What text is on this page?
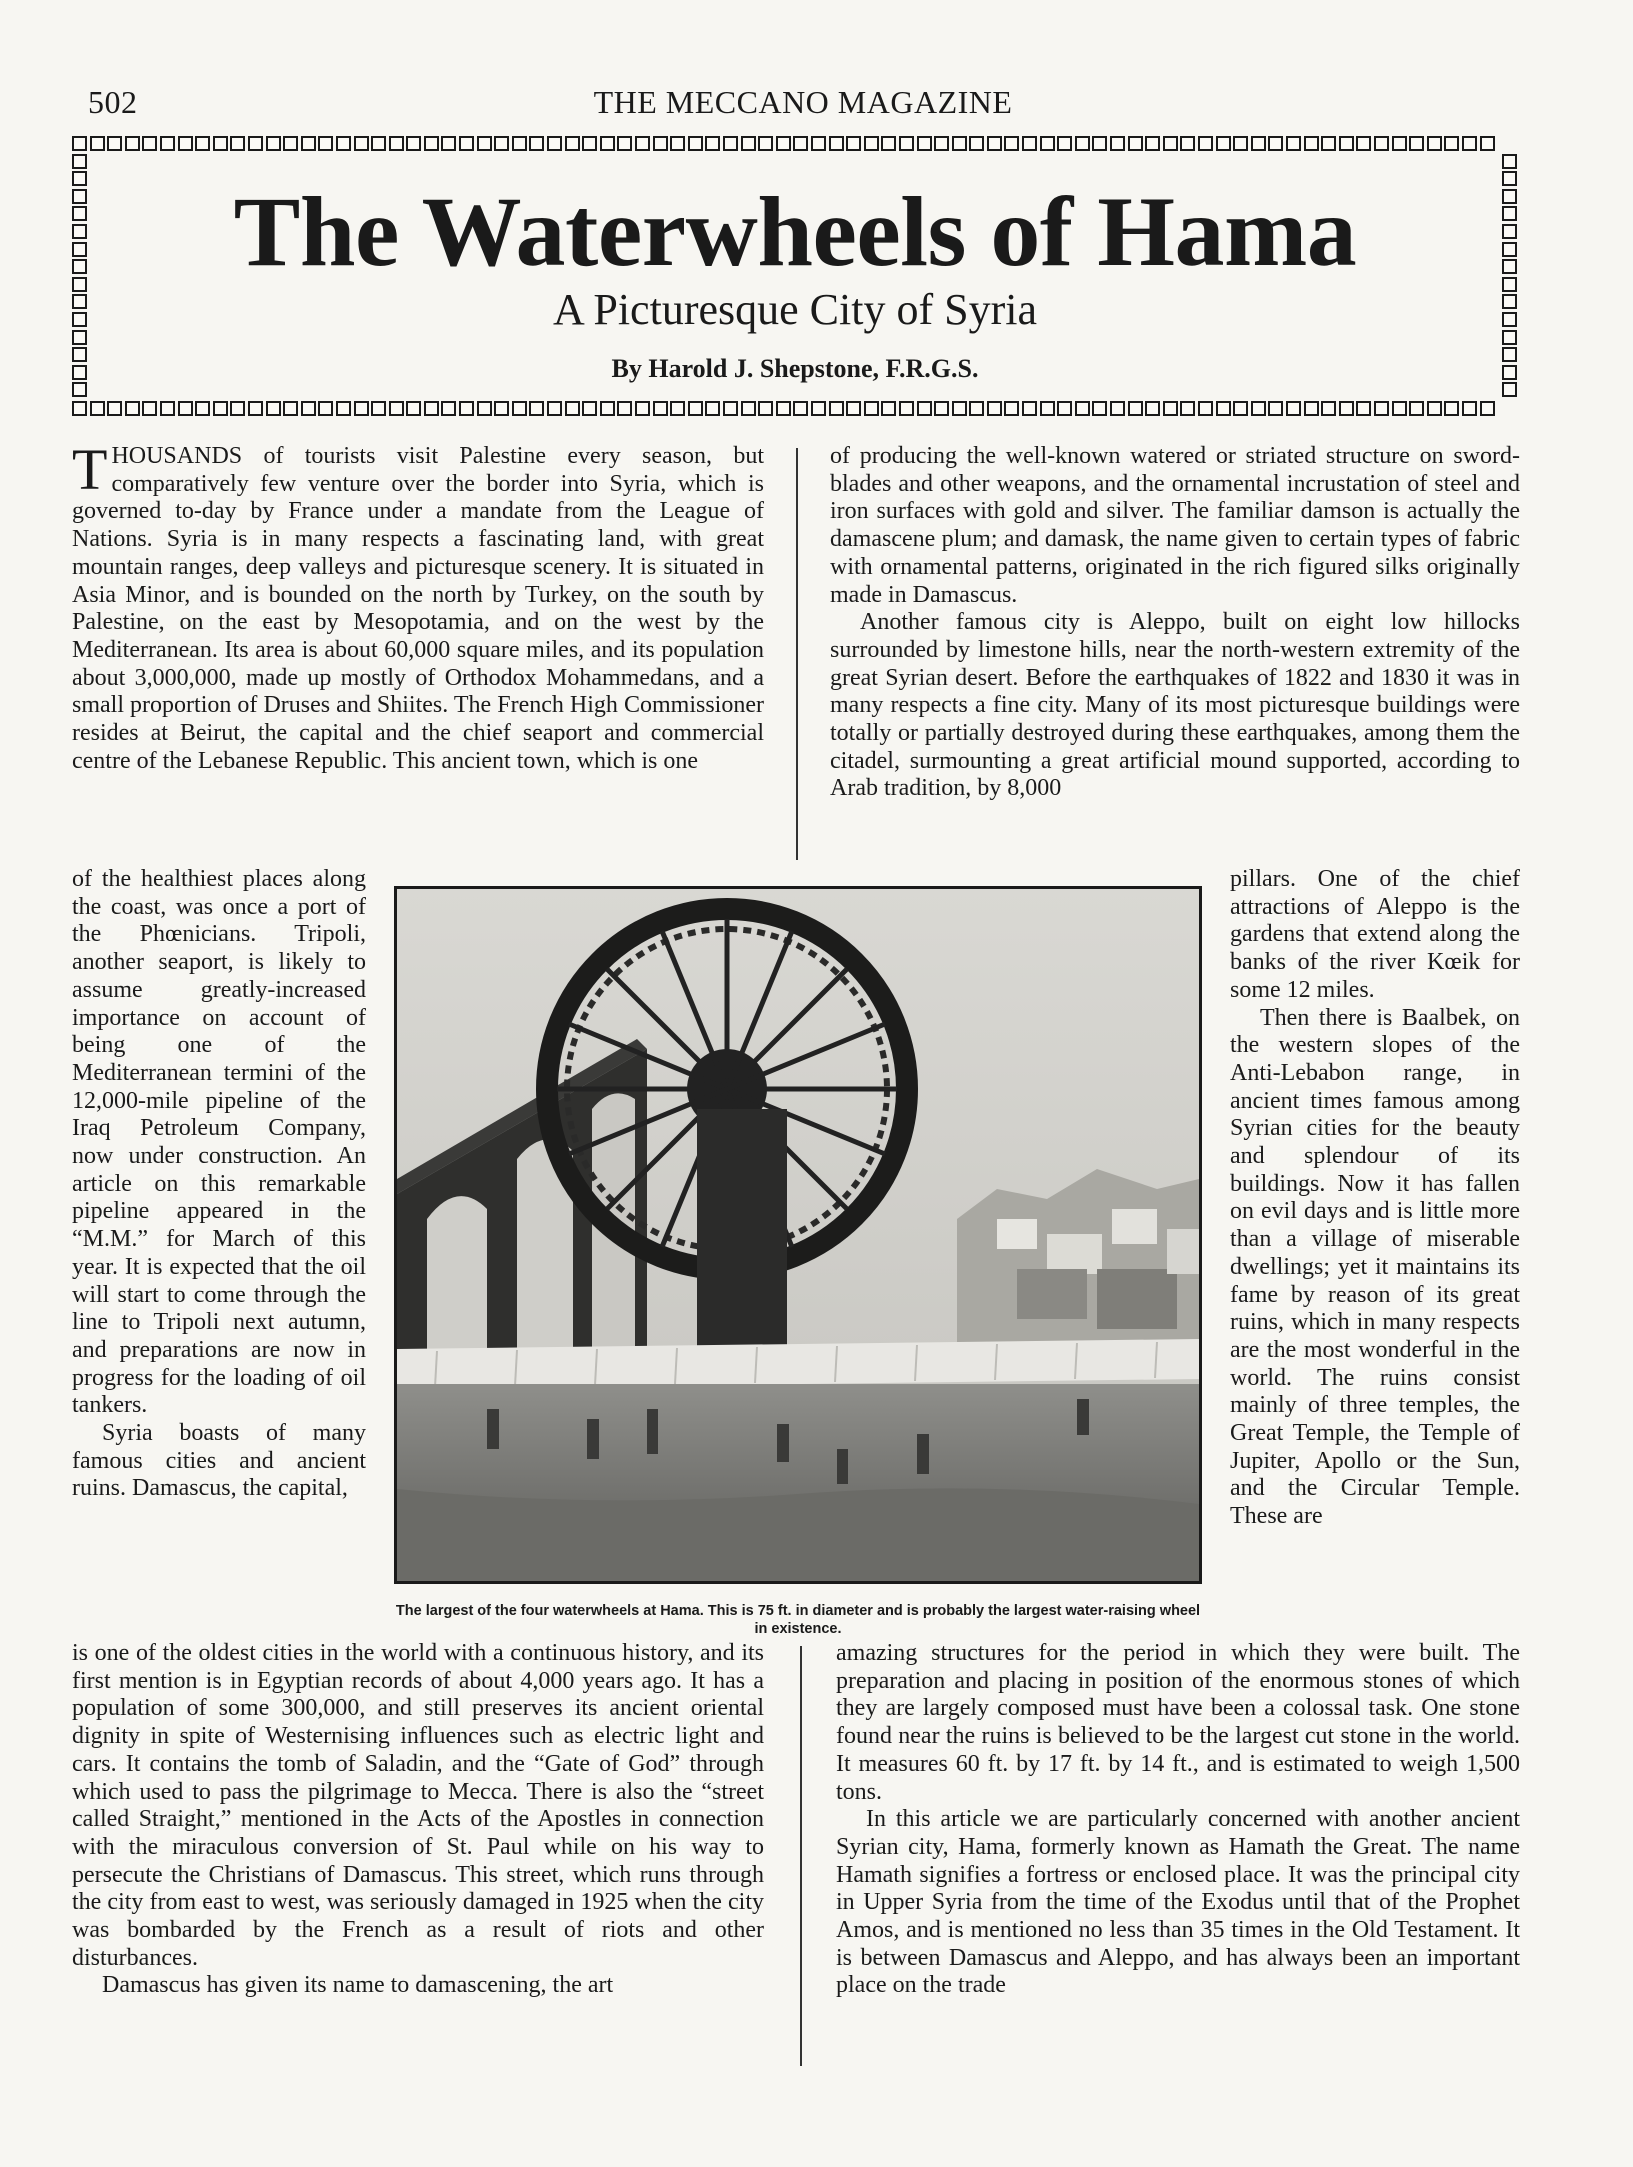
502	THE MECCANO MAGAZINE
The Waterwheels of Hama
A Picturesque City of Syria
By Harold J. Shepstone, F.R.G.S.

THOUSANDS of tourists visit Palestine every season, but comparatively few venture over the border into Syria, which is governed to-day by France under a mandate from the League of Nations. Syria is in many respects a fascinating land, with great mountain ranges, deep valleys and picturesque scenery. It is situated in Asia Minor, and is bounded on the north by Turkey, on the south by Palestine, on the east by Mesopotamia, and on the west by the Mediterranean. Its area is about 60,000 square miles, and its population about 3,000,000, made up mostly of Orthodox Mohammedans, and a small proportion of Druses and Shiites. The French High Commissioner resides at Beirut, the capital and the chief seaport and commercial centre of the Lebanese Republic. This ancient town, which is one

of the healthiest places along the coast, was once a port of the Phœnicians. Tripoli, another seaport, is likely to assume greatly-increased importance on account of being one of the Mediterranean termini of the 12,000-mile pipeline of the Iraq Petroleum Company, now under construction. An article on this remarkable pipeline appeared in the “M.M.” for March of this year. It is expected that the oil will start to come through the line to Tripoli next autumn, and preparations are now in progress for the loading of oil tankers.

Syria boasts of many famous cities and ancient ruins. Damascus, the capital,

is one of the oldest cities in the world with a continuous history, and its first mention is in Egyptian records of about 4,000 years ago. It has a population of some 300,000, and still preserves its ancient oriental dignity in spite of Westernising influences such as electric light and cars. It contains the tomb of Saladin, and the “Gate of God” through which used to pass the pilgrimage to Mecca. There is also the “street called Straight,” mentioned in the Acts of the Apostles in connection with the miraculous conversion of St. Paul while on his way to persecute the Christians of Damascus. This street, which runs through the city from east to west, was seriously damaged in 1925 when the city was bombarded by the French as a result of riots and other disturbances.

Damascus has given its name to damascening, the art

of producing the well-known watered or striated structure on sword-blades and other weapons, and the ornamental incrustation of steel and iron surfaces with gold and silver. The familiar damson is actually the damascene plum; and damask, the name given to certain types of fabric with ornamental patterns, originated in the rich figured silks originally made in Damascus.

Another famous city is Aleppo, built on eight low hillocks surrounded by limestone hills, near the north-western extremity of the great Syrian desert. Before the earthquakes of 1822 and 1830 it was in many respects a fine city. Many of its most picturesque buildings were totally or partially destroyed during these earthquakes, among them the citadel, surmounting a great artificial mound supported, according to Arab tradition, by 8,000

pillars. One of the chief attractions of Aleppo is the gardens that extend along the banks of the river Kœik for some 12 miles.

Then there is Baalbek, on the western slopes of the Anti-Lebabon range, in ancient times famous among Syrian cities for the beauty and splendour of its buildings. Now it has fallen on evil days and is little more than a village of miserable dwellings; yet it maintains its fame by reason of its great ruins, which in many respects are the most wonderful in the world. The ruins consist mainly of three temples, the Great Temple, the Temple of Jupiter, Apollo or the Sun, and the Circular Temple. These are

amazing structures for the period in which they were built. The preparation and placing in position of the enormous stones of which they are largely composed must have been a colossal task. One stone found near the ruins is believed to be the largest cut stone in the world. It measures 60 ft. by 17 ft. by 14 ft., and is estimated to weigh 1,500 tons.

In this article we are particularly concerned with another ancient Syrian city, Hama, formerly known as Hamath the Great. The name Hamath signifies a fortress or enclosed place. It was the principal city in Upper Syria from the time of the Exodus until that of the Prophet Amos, and is mentioned no less than 35 times in the Old Testament. It is between Damascus and Aleppo, and has always been an important place on the trade

The largest of the four waterwheels at Hama. This is 75 ft. in diameter and is probably the largest water-raising wheel in existence.
